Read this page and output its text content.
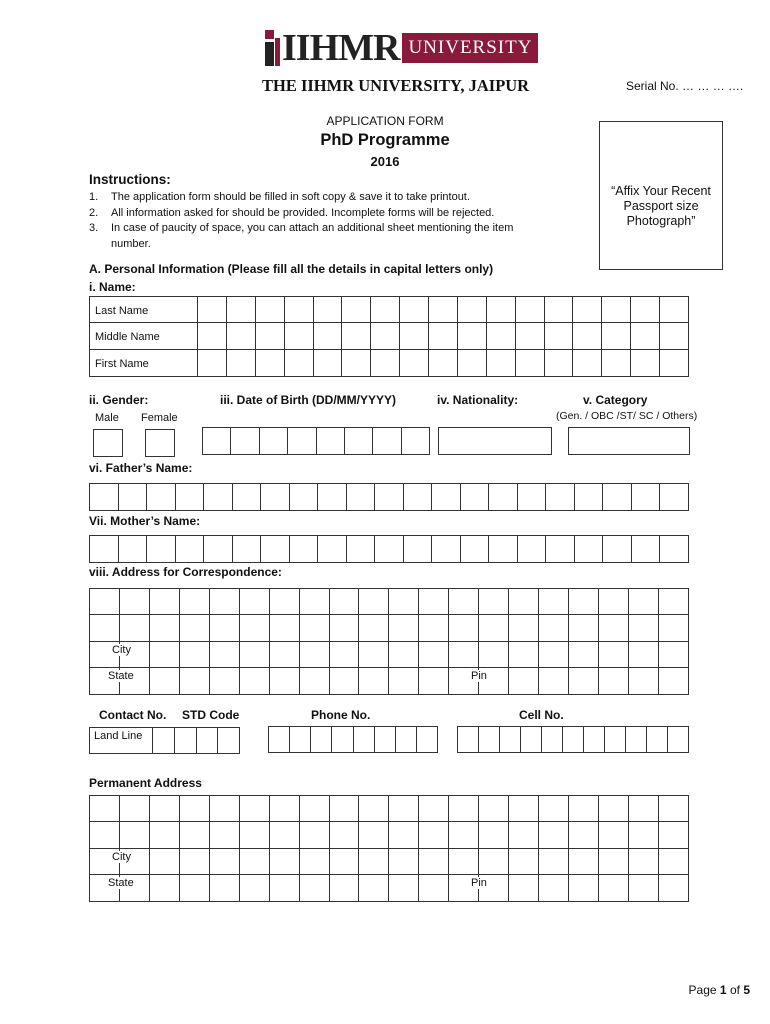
IIHMR UNIVERSITY
THE IIHMR UNIVERSITY, JAIPUR	Serial No. … … … ….
APPLICATION FORM
PhD Programme
2016
“Affix Your Recent
Passport size
Photograph”
Instructions:
1.	The application form should be filled in soft copy & save it to take printout.
2.	All information asked for should be provided. Incomplete forms will be rejected.
3.	In case of paucity of space, you can attach an additional sheet mentioning the item number.
A. Personal Information (Please fill all the details in capital letters only)
i. Name:
Last Name																	
Middle Name																	
First Name																	
ii. Gender:
Male Female
iii. Date of Birth (DD/MM/YYYY)
								iv. Nationality:	v. Category
(Gen. / OBC /ST/ SC / Others)
vi. Father’s Name:

Vii. Mother’s Name:

viii. Address for Correspondence:

City
State	Pin
Contact No. STD Code	Phone No.	Cell No.
Land Line

Permanent Address

City
State	Pin
Page 1 of 5
